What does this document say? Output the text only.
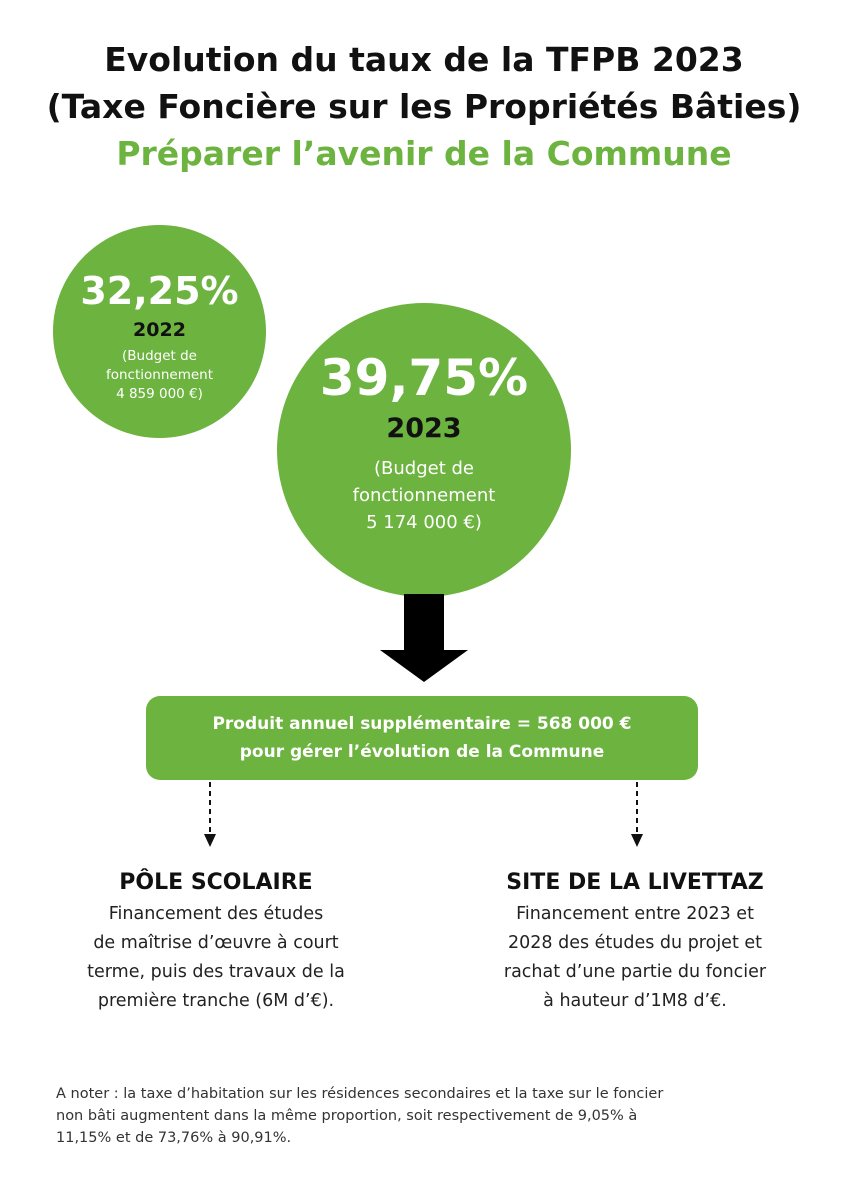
Evolution du taux de la TFPB 2023
(Taxe Foncière sur les Propriétés Bâties)
Préparer l’avenir de la Commune
32,25%
2022
(Budget de
fonctionnement
4 859 000 €)	39,75%
2023
(Budget de
fonctionnement
5 174 000 €)
Produit annuel supplémentaire = 568 000 €
pour gérer l’évolution de la Commune
PÔLE SCOLAIRE
Financement des études
de maîtrise d’œuvre à court
terme, puis des travaux de la
première tranche (6M d’€).
SITE DE LA LIVETTAZ
Financement entre 2023 et
2028 des études du projet et
rachat d’une partie du foncier
à hauteur d’1M8 d’€.
A noter : la taxe d’habitation sur les résidences secondaires et la taxe sur le foncier
non bâti augmentent dans la même proportion, soit respectivement de 9,05% à
11,15% et de 73,76% à 90,91%.
